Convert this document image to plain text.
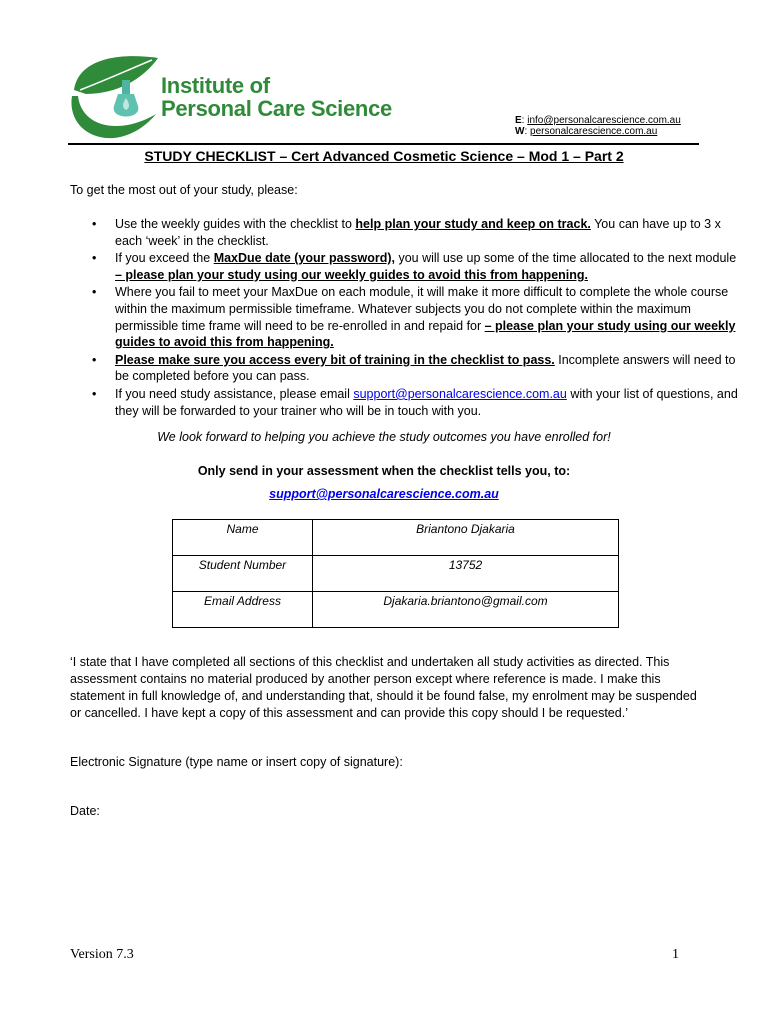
Institute of
Personal Care Science	E: info@personalcarescience.com.au
W: personalcarescience.com.au
STUDY CHECKLIST – Cert Advanced Cosmetic Science – Mod 1 – Part 2
To get the most out of your study, please:
• Use the weekly guides with the checklist to help plan your study and keep on track. You can have up to 3 x each ‘week’ in the checklist.
• If you exceed the MaxDue date (your password), you will use up some of the time allocated to the next module – please plan your study using our weekly guides to avoid this from happening.
• Where you fail to meet your MaxDue on each module, it will make it more difficult to complete the whole course within the maximum permissible timeframe. Whatever subjects you do not complete within the maximum permissible time frame will need to be re-enrolled in and repaid for – please plan your study using our weekly guides to avoid this from happening.
• Please make sure you access every bit of training in the checklist to pass. Incomplete answers will need to be completed before you can pass.
• If you need study assistance, please email support@personalcarescience.com.au with your list of questions, and they will be forwarded to your trainer who will be in touch with you.
We look forward to helping you achieve the study outcomes you have enrolled for!
Only send in your assessment when the checklist tells you, to:
support@personalcarescience.com.au
Name	Briantono Djakaria
Student Number	13752
Email Address	Djakaria.briantono@gmail.com
‘I state that I have completed all sections of this checklist and undertaken all study activities as directed. This assessment contains no material produced by another person except where reference is made. I make this statement in full knowledge of, and understanding that, should it be found false, my enrolment may be suspended or cancelled. I have kept a copy of this assessment and can provide this copy should I be requested.’
Electronic Signature (type name or insert copy of signature):
Date:
Version 7.3	1
